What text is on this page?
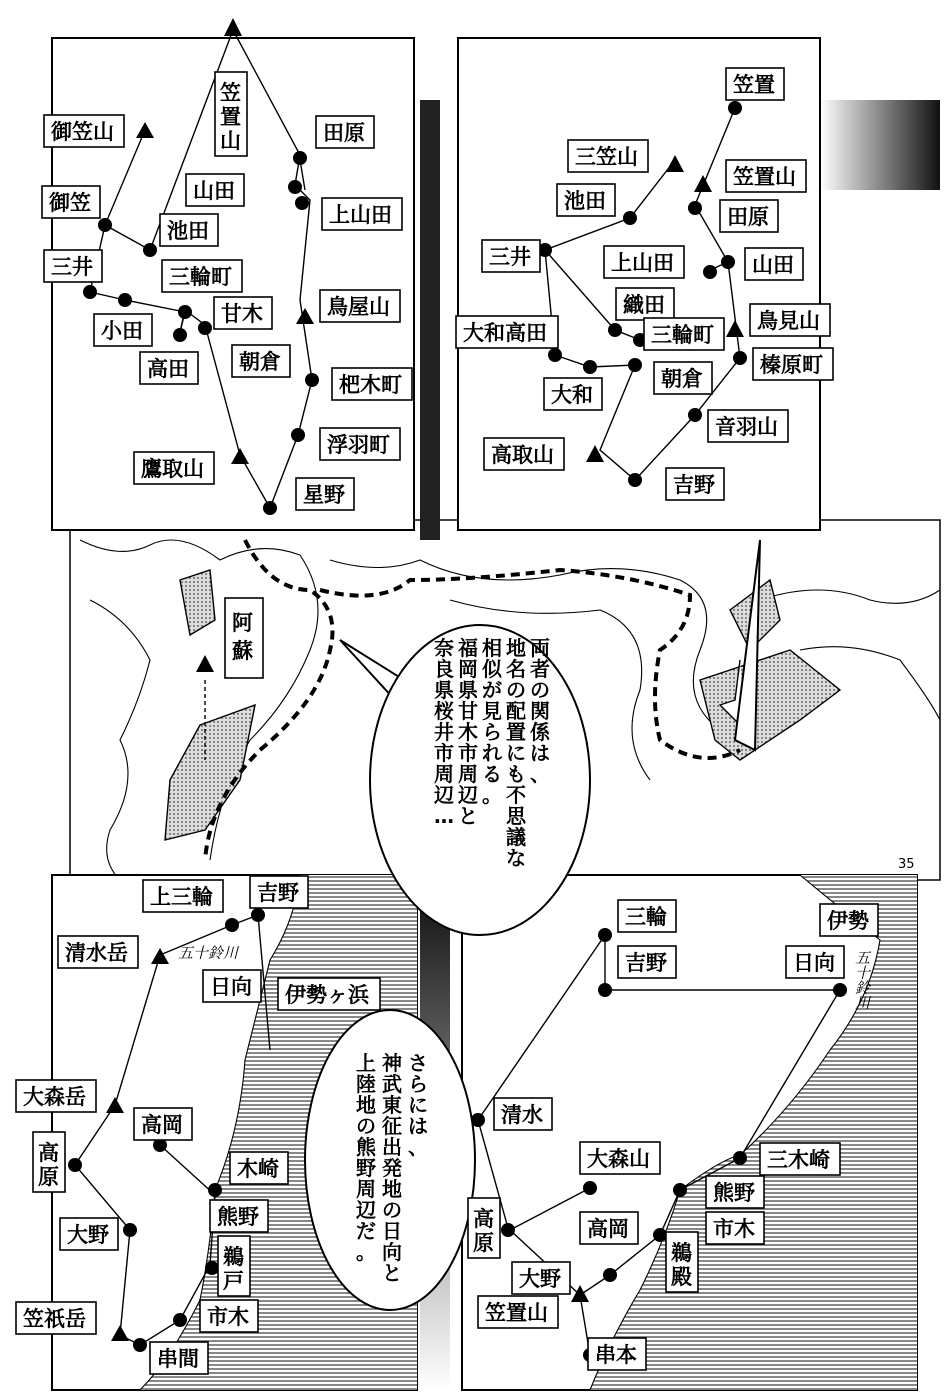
阿蘇
五十鈴川	五十鈴川
両者の関係は、
地名の配置にも不思議な
相似が見られる。
福岡県甘木市周辺と
奈良県桜井市周辺…
さらには、
神武東征出発地の日向と
上陸地の熊野周辺だ。
35
御笠山
笠
置
山	田原
山田
上山田
御笠
池田
三井	三輪町
小田
甘木	鳥屋山
高田 朝倉
杷木町
浮羽町
鷹取山
星野
笠置
三笠山
笠置山
池田
田原
三井	上山田	山田
織田
鳥見山
大和高田	三輪町
榛原町
大和
朝倉
音羽山
高取山
吉野
上三輪 吉野
清水岳
日向 伊勢ヶ浜
大森岳
高岡
高
原	木崎
熊野
大野
鵜
戸
笠祇岳	市木
串間
三輪	伊勢
吉野	日向
清水
三木崎
大森山
熊野
高
原
高岡	市木
鵜
殿
大野
笠置山
串本
